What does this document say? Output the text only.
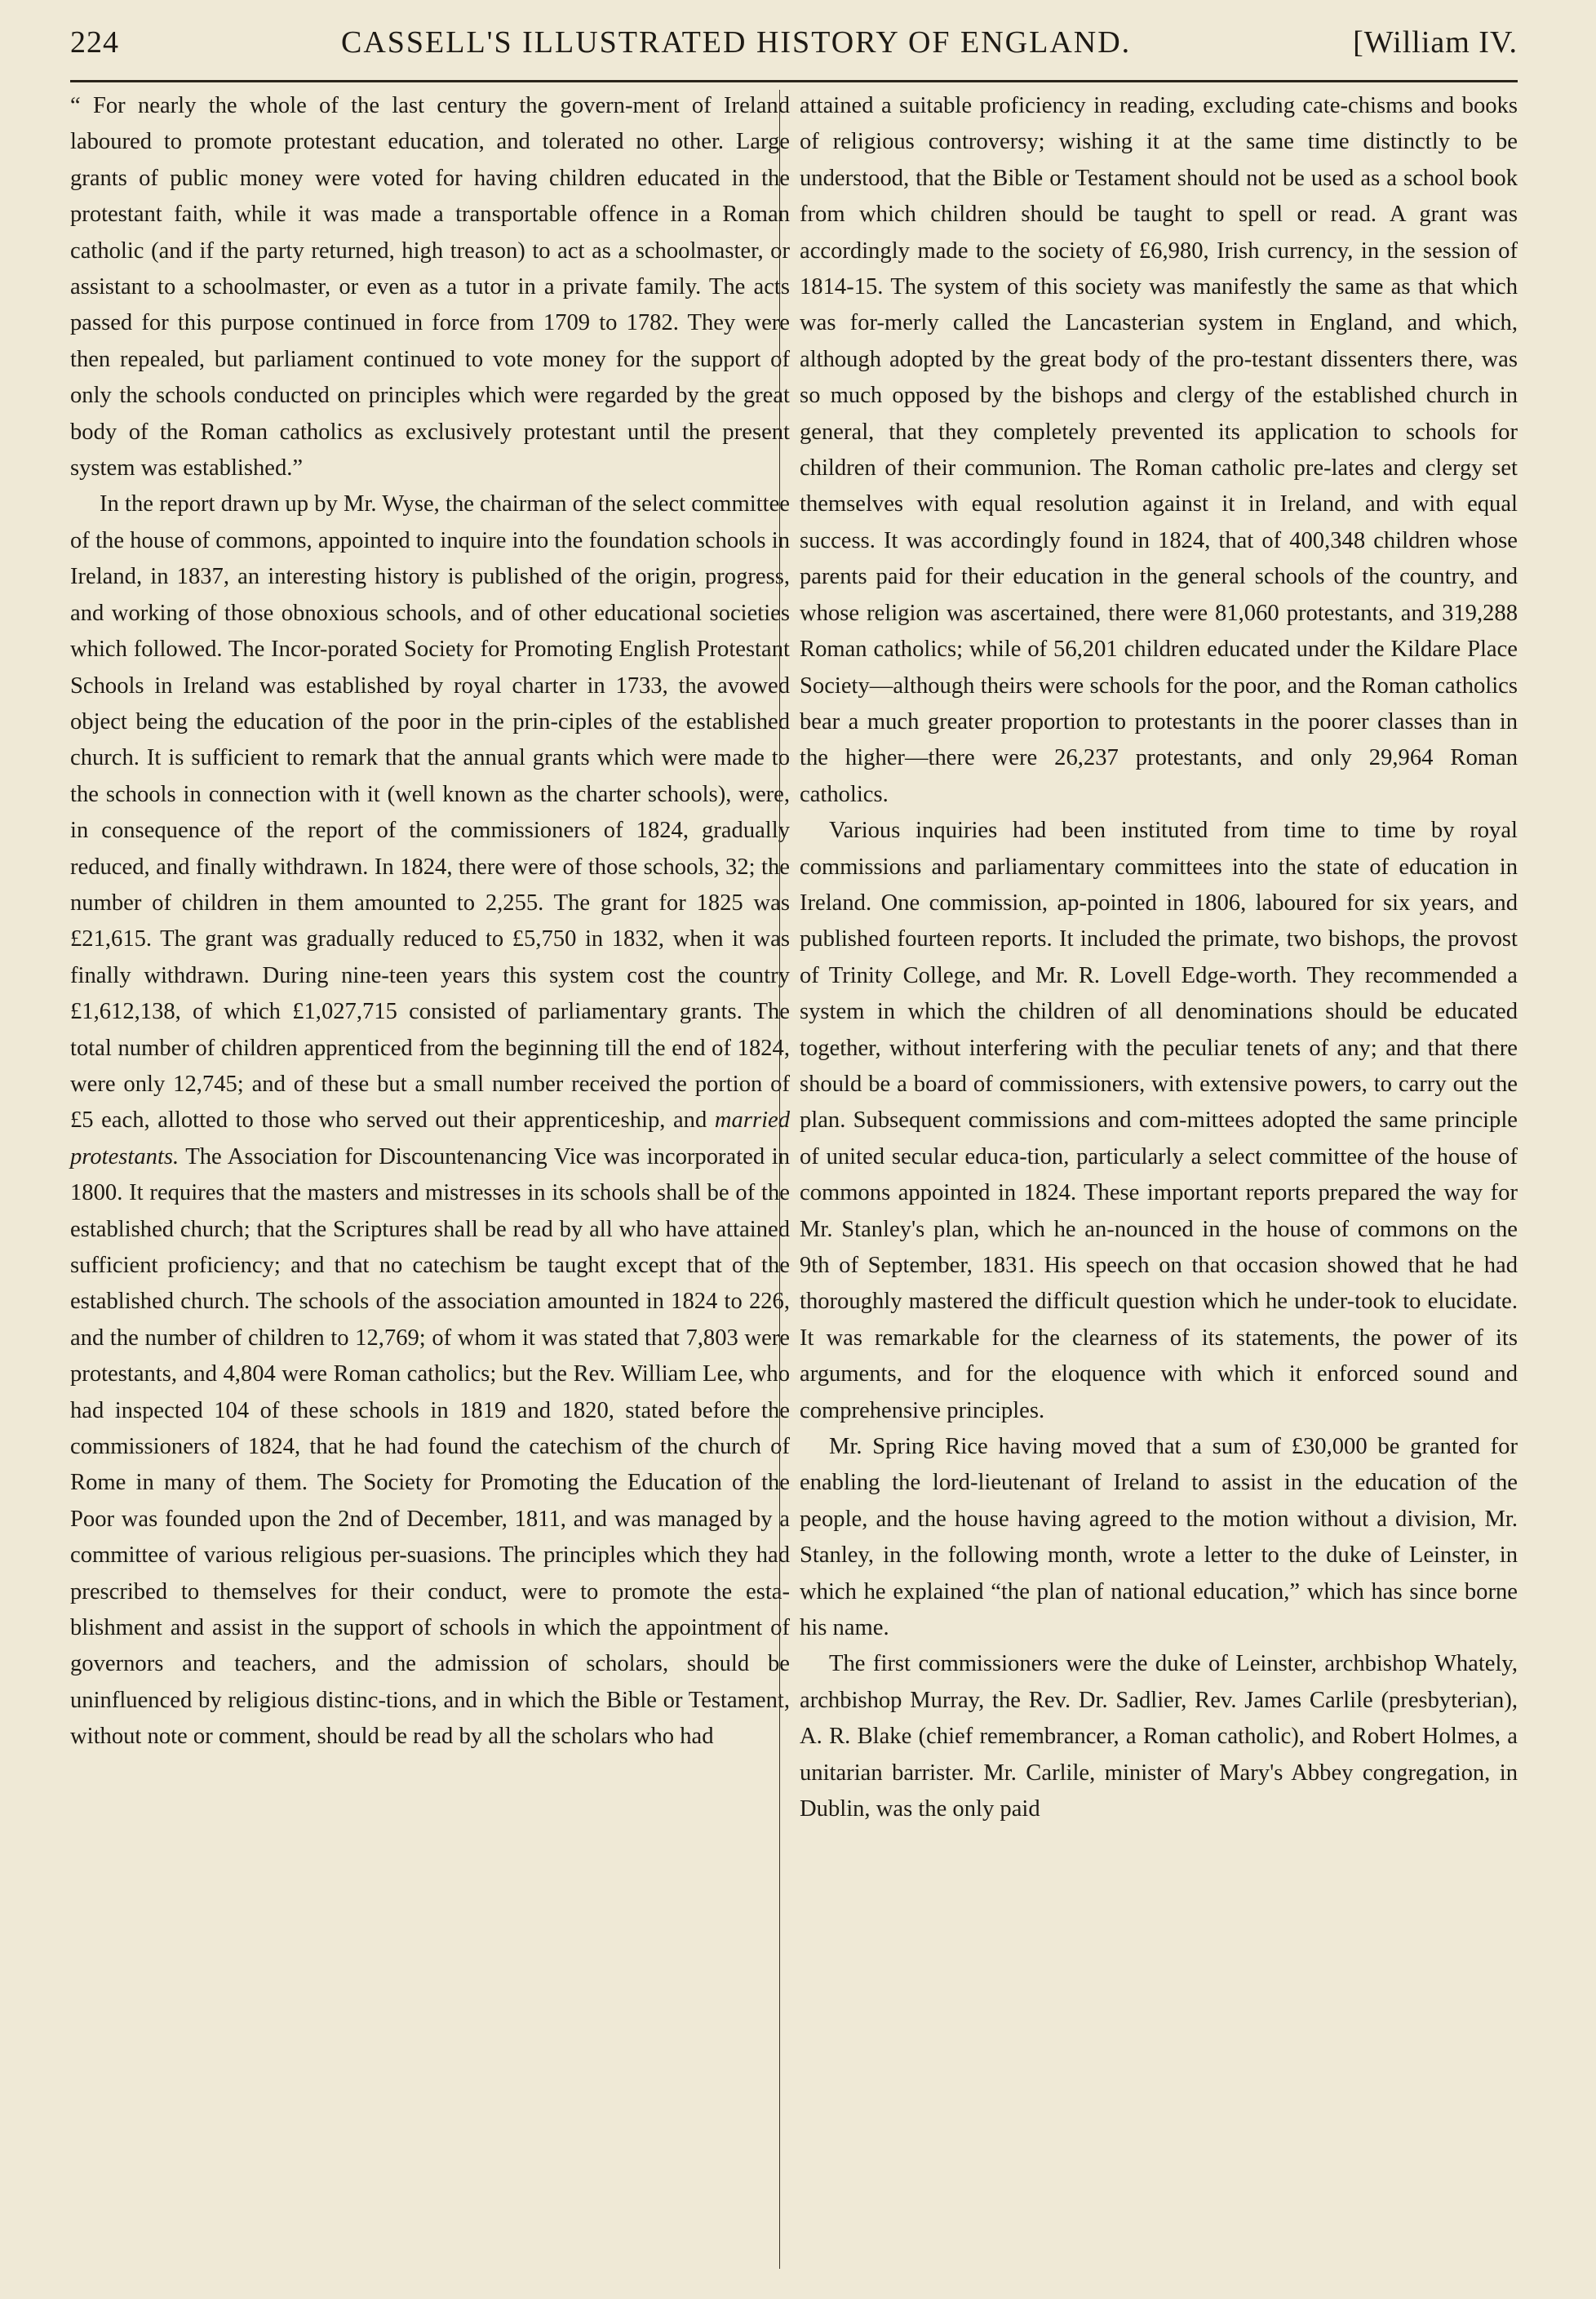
224	CASSELL'S ILLUSTRATED HISTORY OF ENGLAND.	[William IV.

“ For nearly the whole of the last century the govern-ment of Ireland laboured to promote protestant education, and tolerated no other. Large grants of public money were voted for having children educated in the protestant faith, while it was made a transportable offence in a Roman catholic (and if the party returned, high treason) to act as a schoolmaster, or assistant to a schoolmaster, or even as a tutor in a private family. The acts passed for this purpose continued in force from 1709 to 1782. They were then repealed, but parliament continued to vote money for the support of only the schools conducted on principles which were regarded by the great body of the Roman catholics as exclusively protestant until the present system was established.”

In the report drawn up by Mr. Wyse, the chairman of the select committee of the house of commons, appointed to inquire into the foundation schools in Ireland, in 1837, an interesting history is published of the origin, progress, and working of those obnoxious schools, and of other educational societies which followed. The Incor-porated Society for Promoting English Protestant Schools in Ireland was established by royal charter in 1733, the avowed object being the education of the poor in the prin-ciples of the established church. It is sufficient to remark that the annual grants which were made to the schools in connection with it (well known as the charter schools), were, in consequence of the report of the commissioners of 1824, gradually reduced, and finally withdrawn. In 1824, there were of those schools, 32; the number of children in them amounted to 2,255. The grant for 1825 was £21,615. The grant was gradually reduced to £5,750 in 1832, when it was finally withdrawn. During nine-teen years this system cost the country £1,612,138, of which £1,027,715 consisted of parliamentary grants. The total number of children apprenticed from the beginning till the end of 1824, were only 12,745; and of these but a small number received the portion of £5 each, allotted to those who served out their apprenticeship, and married protestants. The Association for Discountenancing Vice was incorporated in 1800. It requires that the masters and mistresses in its schools shall be of the established church; that the Scriptures shall be read by all who have attained sufficient proficiency; and that no catechism be taught except that of the established church. The schools of the association amounted in 1824 to 226, and the number of children to 12,769; of whom it was stated that 7,803 were protestants, and 4,804 were Roman catholics; but the Rev. William Lee, who had inspected 104 of these schools in 1819 and 1820, stated before the commissioners of 1824, that he had found the catechism of the church of Rome in many of them. The Society for Promoting the Education of the Poor was founded upon the 2nd of December, 1811, and was managed by a committee of various religious per-suasions. The principles which they had prescribed to themselves for their conduct, were to promote the esta-blishment and assist in the support of schools in which the appointment of governors and teachers, and the admission of scholars, should be uninfluenced by religious distinc-tions, and in which the Bible or Testament, without note or comment, should be read by all the scholars who had

attained a suitable proficiency in reading, excluding cate-chisms and books of religious controversy; wishing it at the same time distinctly to be understood, that the Bible or Testament should not be used as a school book from which children should be taught to spell or read. A grant was accordingly made to the society of £6,980, Irish currency, in the session of 1814-15. The system of this society was manifestly the same as that which was for-merly called the Lancasterian system in England, and which, although adopted by the great body of the pro-testant dissenters there, was so much opposed by the bishops and clergy of the established church in general, that they completely prevented its application to schools for children of their communion. The Roman catholic pre-lates and clergy set themselves with equal resolution against it in Ireland, and with equal success. It was accordingly found in 1824, that of 400,348 children whose parents paid for their education in the general schools of the country, and whose religion was ascertained, there were 81,060 protestants, and 319,288 Roman catholics; while of 56,201 children educated under the Kildare Place Society—although theirs were schools for the poor, and the Roman catholics bear a much greater proportion to protestants in the poorer classes than in the higher—there were 26,237 protestants, and only 29,964 Roman catholics.

Various inquiries had been instituted from time to time by royal commissions and parliamentary committees into the state of education in Ireland. One commission, ap-pointed in 1806, laboured for six years, and published fourteen reports. It included the primate, two bishops, the provost of Trinity College, and Mr. R. Lovell Edge-worth. They recommended a system in which the children of all denominations should be educated together, without interfering with the peculiar tenets of any; and that there should be a board of commissioners, with extensive powers, to carry out the plan. Subsequent commissions and com-mittees adopted the same principle of united secular educa-tion, particularly a select committee of the house of commons appointed in 1824. These important reports prepared the way for Mr. Stanley's plan, which he an-nounced in the house of commons on the 9th of September, 1831. His speech on that occasion showed that he had thoroughly mastered the difficult question which he under-took to elucidate. It was remarkable for the clearness of its statements, the power of its arguments, and for the eloquence with which it enforced sound and comprehensive principles.

Mr. Spring Rice having moved that a sum of £30,000 be granted for enabling the lord-lieutenant of Ireland to assist in the education of the people, and the house having agreed to the motion without a division, Mr. Stanley, in the following month, wrote a letter to the duke of Leinster, in which he explained “the plan of national education,” which has since borne his name.

The first commissioners were the duke of Leinster, archbishop Whately, archbishop Murray, the Rev. Dr. Sadlier, Rev. James Carlile (presbyterian), A. R. Blake (chief remembrancer, a Roman catholic), and Robert Holmes, a unitarian barrister. Mr. Carlile, minister of Mary's Abbey congregation, in Dublin, was the only paid
